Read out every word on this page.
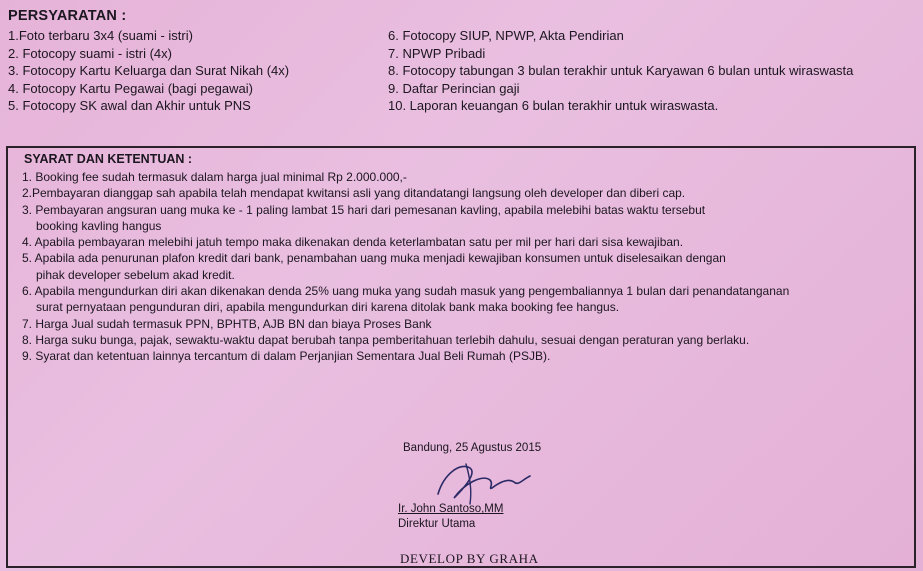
PERSYARATAN :
1.Foto terbaru 3x4 (suami - istri)
2. Fotocopy suami - istri (4x)
3. Fotocopy Kartu Keluarga dan Surat Nikah (4x)
4. Fotocopy Kartu Pegawai (bagi pegawai)
5. Fotocopy SK awal dan Akhir untuk PNS
6. Fotocopy SIUP, NPWP, Akta Pendirian
7. NPWP Pribadi
8. Fotocopy tabungan 3 bulan terakhir untuk Karyawan 6 bulan untuk wiraswasta
9. Daftar Perincian gaji
10. Laporan keuangan 6 bulan terakhir untuk wiraswasta.
SYARAT DAN KETENTUAN :
1. Booking fee sudah termasuk dalam harga jual minimal Rp 2.000.000,-
2.Pembayaran dianggap sah apabila telah mendapat kwitansi asli yang ditandatangi langsung oleh developer dan diberi cap.
3. Pembayaran angsuran uang muka ke - 1 paling lambat 15 hari dari pemesanan kavling, apabila melebihi batas waktu tersebut
booking kavling hangus
4. Apabila pembayaran melebihi jatuh tempo maka dikenakan denda keterlambatan satu per mil per hari dari sisa kewajiban.
5. Apabila ada penurunan plafon kredit dari bank, penambahan uang muka menjadi kewajiban konsumen untuk diselesaikan dengan
pihak developer sebelum akad kredit.
6. Apabila mengundurkan diri akan dikenakan denda 25% uang muka yang sudah masuk yang pengembaliannya 1 bulan dari penandatanganan
surat pernyataan pengunduran diri, apabila mengundurkan diri karena ditolak bank maka booking fee hangus.
7. Harga Jual sudah termasuk PPN, BPHTB, AJB BN dan biaya Proses Bank
8. Harga suku bunga, pajak, sewaktu-waktu dapat berubah tanpa pemberitahuan terlebih dahulu, sesuai dengan peraturan yang berlaku.
9. Syarat dan ketentuan lainnya tercantum di dalam Perjanjian Sementara Jual Beli Rumah (PSJB).
Bandung, 25 Agustus 2015
Ir. John Santoso,MM
Direktur Utama
DEVELOP BY GRAHA
